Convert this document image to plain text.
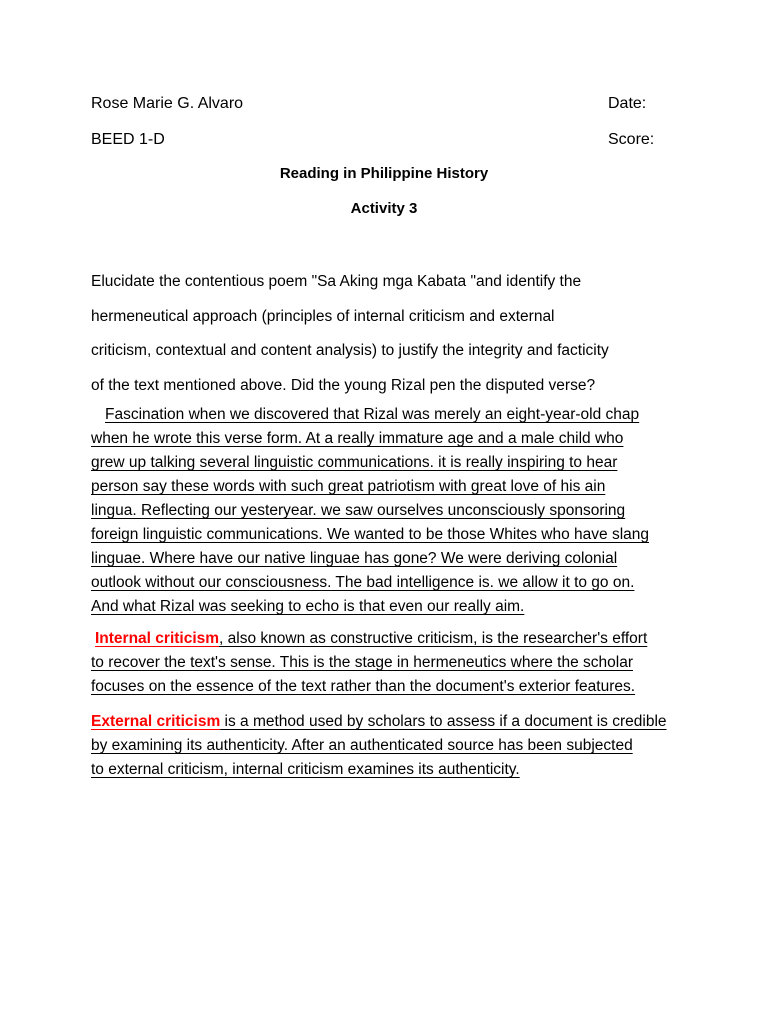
Rose Marie G. Alvaro	Date:
BEED 1-D	Score:
Reading in Philippine History
Activity 3
Elucidate the contentious poem "Sa Aking mga Kabata "and identify the
hermeneutical approach (principles of internal criticism and external
criticism, contextual and content analysis) to justify the integrity and facticity
of the text mentioned above. Did the young Rizal pen the disputed verse?
Fascination when we discovered that Rizal was merely an eight-year-old chap
when he wrote this verse form. At a really immature age and a male child who
grew up talking several linguistic communications. it is really inspiring to hear
person say these words with such great patriotism with great love of his ain
lingua. Reflecting our yesteryear. we saw ourselves unconsciously sponsoring
foreign linguistic communications. We wanted to be those Whites who have slang
linguae. Where have our native linguae has gone? We were deriving colonial
outlook without our consciousness. The bad intelligence is. we allow it to go on.
And what Rizal was seeking to echo is that even our really aim.
Internal criticism, also known as constructive criticism, is the researcher's effort
to recover the text's sense. This is the stage in hermeneutics where the scholar
focuses on the essence of the text rather than the document's exterior features.
External criticism is a method used by scholars to assess if a document is credible
by examining its authenticity. After an authenticated source has been subjected
to external criticism, internal criticism examines its authenticity.
